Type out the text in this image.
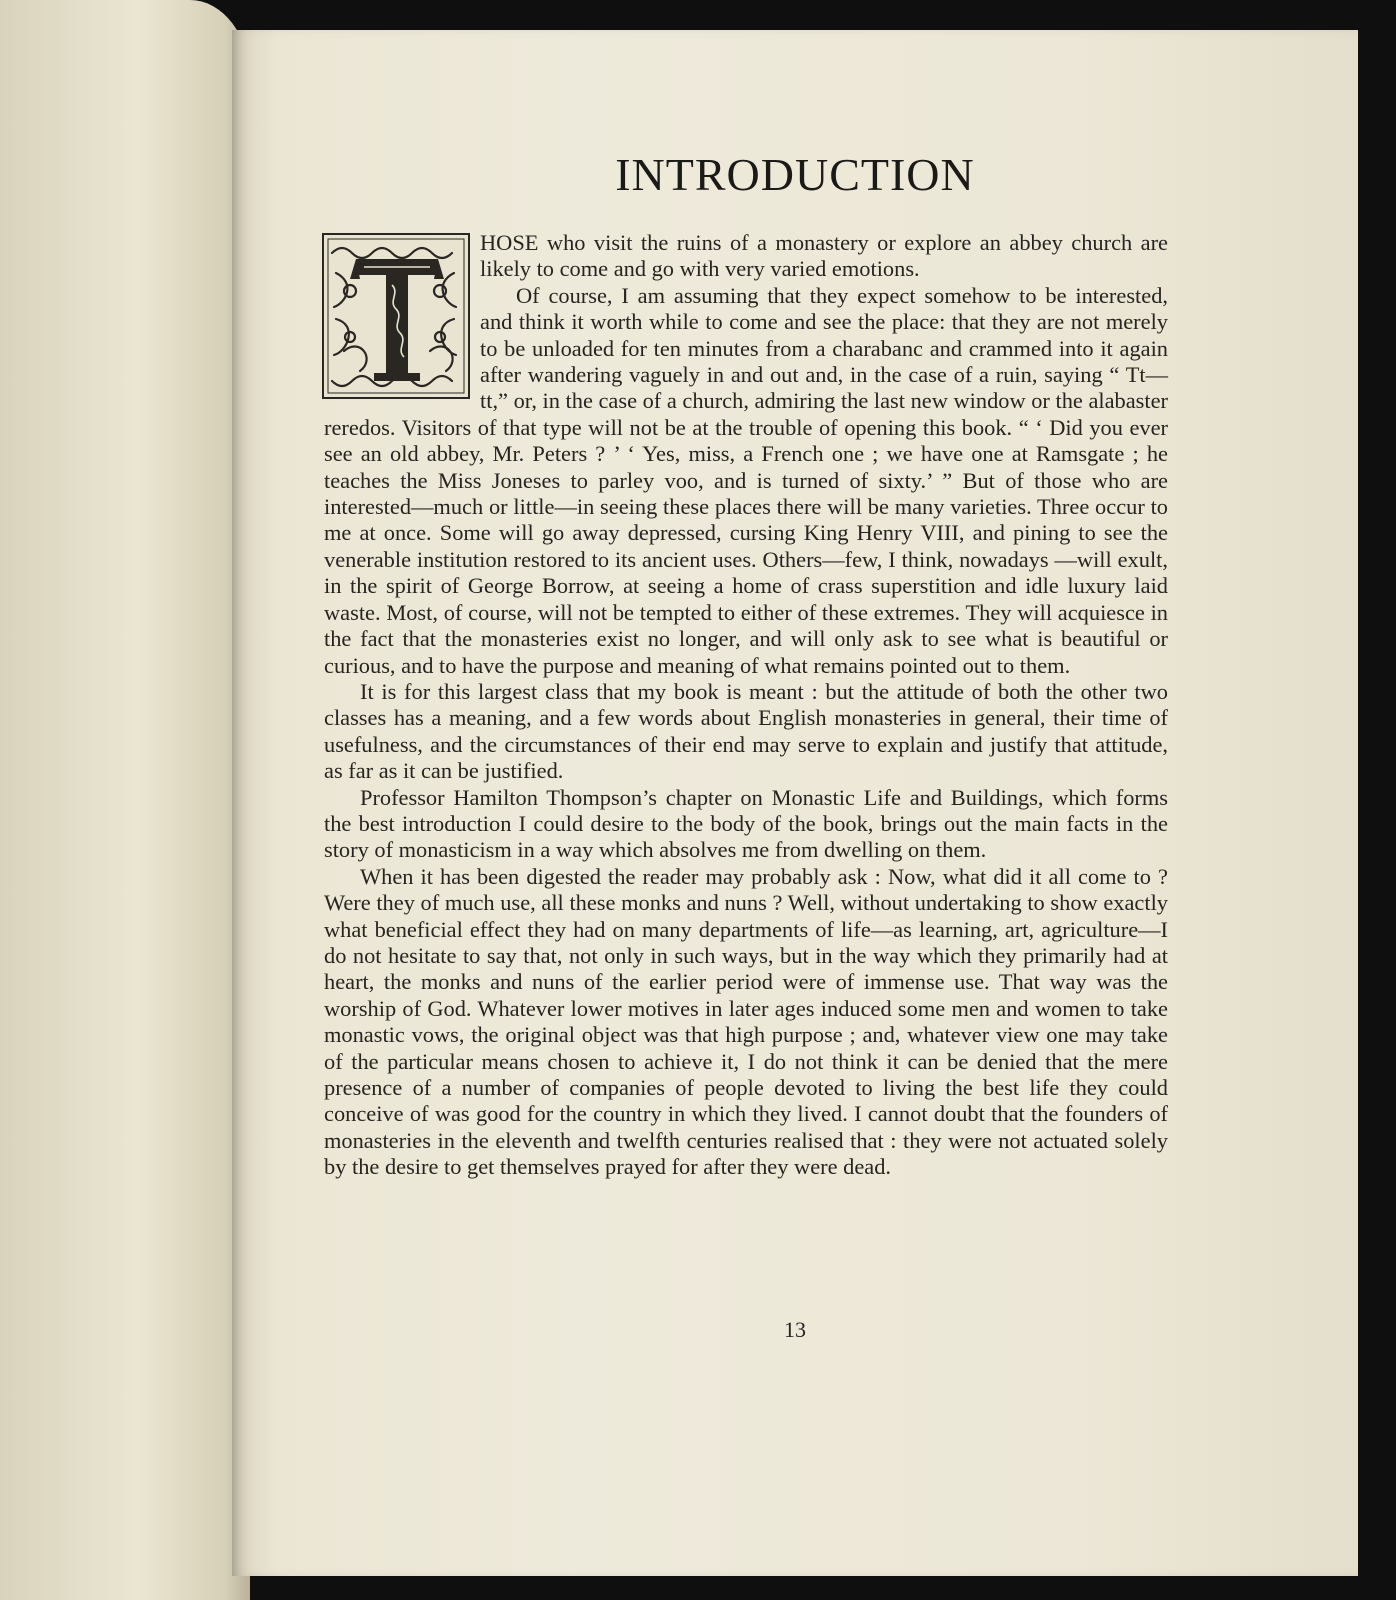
INTRODUCTION

HOSE who visit the ruins of a monastery or explore an abbey church are likely to come and go with very varied emotions.

Of course, I am assuming that they expect somehow to be interested, and think it worth while to come and see the place: that they are not merely to be unloaded for ten minutes from a charabanc and crammed into it again after wandering vaguely in and out and, in the case of a ruin, saying “ Tt—tt,” or, in the case of a church, admiring the last new window or the alabaster reredos. Visitors of that type will not be at the trouble of opening this book. “ ‘ Did you ever see an old abbey, Mr. Peters ? ’ ‘ Yes, miss, a French one ; we have one at Ramsgate ; he teaches the Miss Joneses to parley voo, and is turned of sixty.’ ” But of those who are interested—much or little—in seeing these places there will be many varieties. Three occur to me at once. Some will go away depressed, cursing King Henry VIII, and pining to see the venerable institution restored to its ancient uses. Others—few, I think, nowadays —will exult, in the spirit of George Borrow, at seeing a home of crass superstition and idle luxury laid waste. Most, of course, will not be tempted to either of these extremes. They will acquiesce in the fact that the monasteries exist no longer, and will only ask to see what is beautiful or curious, and to have the purpose and meaning of what remains pointed out to them.

It is for this largest class that my book is meant : but the attitude of both the other two classes has a meaning, and a few words about English monasteries in general, their time of usefulness, and the circumstances of their end may serve to explain and justify that attitude, as far as it can be justified.

Professor Hamilton Thompson’s chapter on Monastic Life and Buildings, which forms the best introduction I could desire to the body of the book, brings out the main facts in the story of monasticism in a way which absolves me from dwelling on them.

When it has been digested the reader may probably ask : Now, what did it all come to ? Were they of much use, all these monks and nuns ? Well, without undertaking to show exactly what beneficial effect they had on many departments of life—as learning, art, agriculture—I do not hesitate to say that, not only in such ways, but in the way which they primarily had at heart, the monks and nuns of the earlier period were of immense use. That way was the worship of God. Whatever lower motives in later ages induced some men and women to take monastic vows, the original object was that high purpose ; and, whatever view one may take of the particular means chosen to achieve it, I do not think it can be denied that the mere presence of a number of companies of people devoted to living the best life they could conceive of was good for the country in which they lived. I cannot doubt that the founders of monasteries in the eleventh and twelfth centuries realised that : they were not actuated solely by the desire to get themselves prayed for after they were dead.

13
